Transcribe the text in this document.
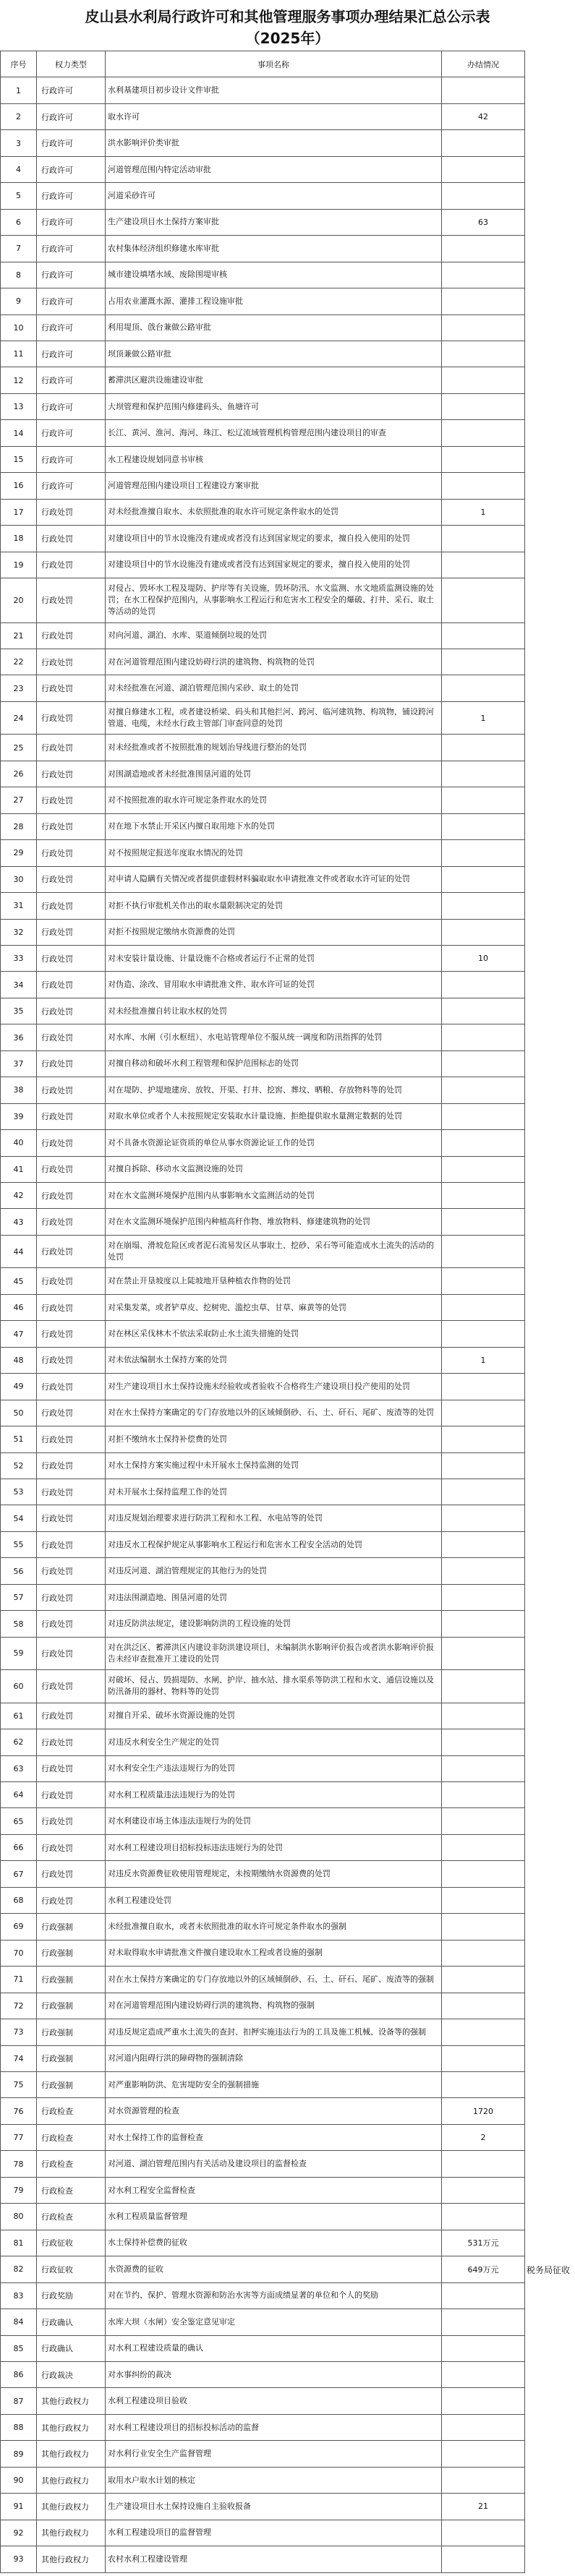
皮山县水利局行政许可和其他管理服务事项办理结果汇总公示表
（2025年）
序号	权力类型	事项名称	办结情况
1	行政许可	水利基建项目初步设计文件审批	
2	行政许可	取水许可	42
3	行政许可	洪水影响评价类审批	
4	行政许可	河道管理范围内特定活动审批	
5	行政许可	河道采砂许可	
6	行政许可	生产建设项目水土保持方案审批	63
7	行政许可	农村集体经济组织修建水库审批	
8	行政许可	城市建设填堵水域、废除围堤审核	
9	行政许可	占用农业灌溉水源、灌排工程设施审批	
10	行政许可	利用堤顶、戗台兼做公路审批	
11	行政许可	坝顶兼做公路审批	
12	行政许可	蓄滞洪区避洪设施建设审批	
13	行政许可	大坝管理和保护范围内修建码头、鱼塘许可	
14	行政许可	长江、黄河、淮河、海河、珠江、松辽流域管理机构管理范围内建设项目的审查	
15	行政许可	水工程建设规划同意书审核	
16	行政许可	河道管理范围内建设项目工程建设方案审批	
17	行政处罚	对未经批准擅自取水、未依照批准的取水许可规定条件取水的处罚	1
18	行政处罚	对建设项目中的节水设施没有建成或者没有达到国家规定的要求，擅自投入使用的处罚	
19	行政处罚	对建设项目中的节水设施没有建成或者没有达到国家规定的要求，擅自投入使用的处罚	
20	行政处罚	对侵占、毁坏水工程及堤防、护岸等有关设施，毁坏防汛、水文监测、水文地质监测设施的处罚；在水工程保护范围内，从事影响水工程运行和危害水工程安全的爆破、打井、采石、取土等活动的处罚	
21	行政处罚	对向河道、湖泊、水库、渠道倾倒垃圾的处罚	
22	行政处罚	对在河道管理范围内建设妨碍行洪的建筑物、构筑物的处罚	
23	行政处罚	对未经批准在河道、湖泊管理范围内采砂、取土的处罚	
24	行政处罚	对擅自修建水工程，或者建设桥梁、码头和其他拦河、跨河、临河建筑物、构筑物，铺设跨河管道、电缆，未经水行政主管部门审查同意的处罚	1
25	行政处罚	对未经批准或者不按照批准的规划治导线进行整治的处罚	
26	行政处罚	对围湖造地或者未经批准围垦河道的处罚	
27	行政处罚	对不按照批准的取水许可规定条件取水的处罚	
28	行政处罚	对在地下水禁止开采区内擅自取用地下水的处罚	
29	行政处罚	对不按照规定报送年度取水情况的处罚	
30	行政处罚	对申请人隐瞒有关情况或者提供虚假材料骗取取水申请批准文件或者取水许可证的处罚	
31	行政处罚	对拒不执行审批机关作出的取水量限制决定的处罚	
32	行政处罚	对拒不按照规定缴纳水资源费的处罚	
33	行政处罚	对未安装计量设施、计量设施不合格或者运行不正常的处罚	10
34	行政处罚	对伪造、涂改、冒用取水申请批准文件、取水许可证的处罚	
35	行政处罚	对未经批准擅自转让取水权的处罚	
36	行政处罚	对水库、水闸（引水枢纽）、水电站管理单位不服从统一调度和防汛指挥的处罚	
37	行政处罚	对擅自移动和破坏水利工程管理和保护范围标志的处罚	
38	行政处罚	对在堤防、护堤地建房、放牧、开渠、打井、挖窖、葬坟、晒粮、存放物料等的处罚	
39	行政处罚	对取水单位或者个人未按照规定安装取水计量设施、拒绝提供取水量测定数据的处罚	
40	行政处罚	对不具备水资源论证资质的单位从事水资源论证工作的处罚	
41	行政处罚	对擅自拆除、移动水文监测设施的处罚	
42	行政处罚	对在水文监测环境保护范围内从事影响水文监测活动的处罚	
43	行政处罚	对在水文监测环境保护范围内种植高秆作物、堆放物料、修建建筑物的处罚	
44	行政处罚	对在崩塌、滑坡危险区或者泥石流易发区从事取土、挖砂、采石等可能造成水土流失的活动的处罚	
45	行政处罚	对在禁止开垦坡度以上陡坡地开垦种植农作物的处罚	
46	行政处罚	对采集发菜，或者铲草皮、挖树兜、滥挖虫草、甘草、麻黄等的处罚	
47	行政处罚	对在林区采伐林木不依法采取防止水土流失措施的处罚	
48	行政处罚	对未依法编制水土保持方案的处罚	1
49	行政处罚	对生产建设项目水土保持设施未经验收或者验收不合格将生产建设项目投产使用的处罚	
50	行政处罚	对在水土保持方案确定的专门存放地以外的区域倾倒砂、石、土、矸石、尾矿、废渣等的处罚	
51	行政处罚	对拒不缴纳水土保持补偿费的处罚	
52	行政处罚	对水土保持方案实施过程中未开展水土保持监测的处罚	
53	行政处罚	对未开展水土保持监理工作的处罚	
54	行政处罚	对违反规划治理要求进行防洪工程和水工程、水电站等的处罚	
55	行政处罚	对违反水工程保护规定从事影响水工程运行和危害水工程安全活动的处罚	
56	行政处罚	对违反河道、湖泊管理规定的其他行为的处罚	
57	行政处罚	对违法围湖造地、围垦河道的处罚	
58	行政处罚	对违反防洪法规定，建设影响防洪的工程设施的处罚	
59	行政处罚	对在洪泛区、蓄滞洪区内建设非防洪建设项目，未编制洪水影响评价报告或者洪水影响评价报告未经审查批准开工建设的处罚	
60	行政处罚	对破坏、侵占、毁损堤防、水闸、护岸、抽水站、排水渠系等防洪工程和水文、通信设施以及防汛备用的器材、物料等的处罚	
61	行政处罚	对擅自开采、破坏水资源设施的处罚	
62	行政处罚	对违反水利安全生产规定的处罚	
63	行政处罚	对水利安全生产违法违规行为的处罚	
64	行政处罚	对水利工程质量违法违规行为的处罚	
65	行政处罚	对水利建设市场主体违法违规行为的处罚	
66	行政处罚	对水利工程建设项目招标投标违法违规行为的处罚	
67	行政处罚	对违反水资源费征收使用管理规定，未按期缴纳水资源费的处罚	
68	行政处罚	水利工程建设处罚	
69	行政强制	未经批准擅自取水，或者未依照批准的取水许可规定条件取水的强制	
70	行政强制	对未取得取水申请批准文件擅自建设取水工程或者设施的强制	
71	行政强制	对在水土保持方案确定的专门存放地以外的区域倾倒砂、石、土、矸石、尾矿、废渣等的强制	
72	行政强制	对在河道管理范围内建设妨碍行洪的建筑物、构筑物的强制	
73	行政强制	对违反规定造成严重水土流失的查封、扣押实施违法行为的工具及施工机械、设备等的强制	
74	行政强制	对河道内阻碍行洪的障碍物的强制清除	
75	行政强制	对严重影响防洪、危害堤防安全的强制措施	
76	行政检查	对水资源管理的检查	1720
77	行政检查	对水土保持工作的监督检查	2
78	行政检查	对河道、湖泊管理范围内有关活动及建设项目的监督检查	
79	行政检查	对水利工程安全监督检查	
80	行政检查	水利工程质量监督管理	
81	行政征收	水土保持补偿费的征收	531万元
82	行政征收	水资源费的征收	649万元
83	行政奖励	对在节约、保护、管理水资源和防治水害等方面成绩显著的单位和个人的奖励	
84	行政确认	水库大坝（水闸）安全鉴定意见审定	
85	行政确认	对水利工程建设质量的确认	
86	行政裁决	对水事纠纷的裁决	
87	其他行政权力	水利工程建设项目验收	
88	其他行政权力	对水利工程建设项目的招标投标活动的监督	
89	其他行政权力	对水利行业安全生产监督管理	
90	其他行政权力	取用水户取水计划的核定	
91	其他行政权力	生产建设项目水土保持设施自主验收报备	21
92	其他行政权力	水利工程建设项目的监督管理	
93	其他行政权力	农村水利工程建设管理	
税务局征收
